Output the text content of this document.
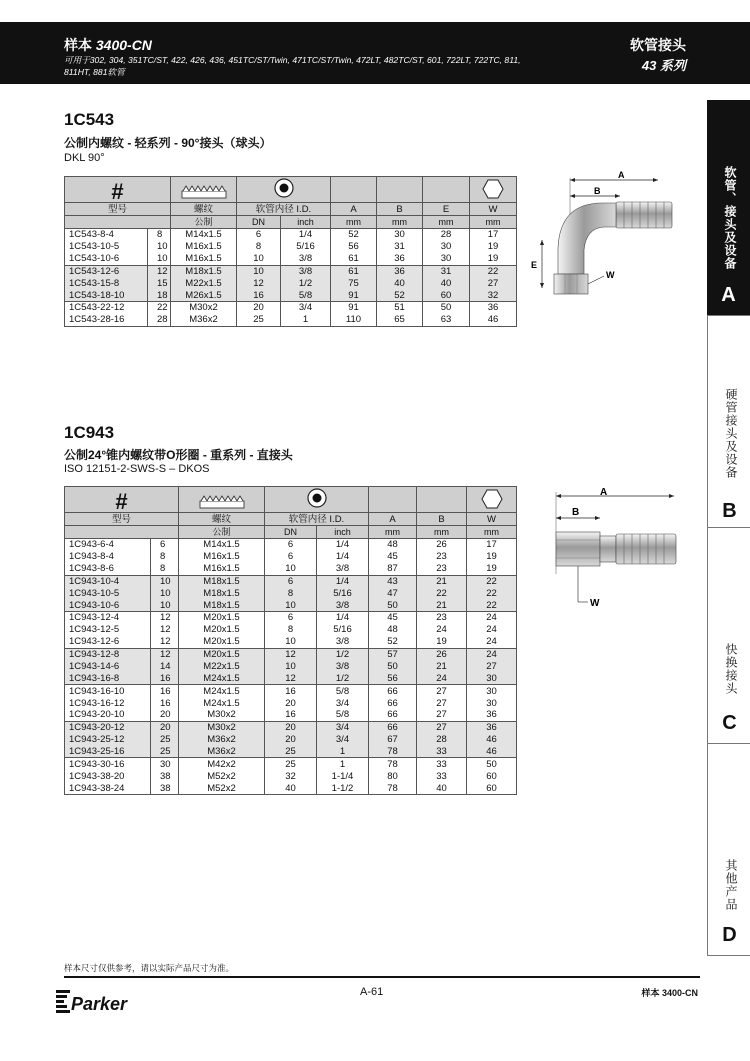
样本 3400-CN
可用于302, 304, 351TC/ST, 422, 426, 436, 451TC/ST/Twin, 471TC/ST/Twin, 472LT, 482TC/ST, 601, 722LT, 722TC, 811, 811HT, 881软管
软管接头
43 系列
1C543
公制内螺纹 - 轻系列 - 90°接头（球头）
DKL 90°
#						
型号		螺纹	软管内径 I.D.		A	B	E	W
		公制	DN	inch	mm	mm	mm	mm
1C543-8-4	8	M14x1.5	6	1/4	52	30	28	17
1C543-10-5	10	M16x1.5	8	5/16	56	31	30	19
1C543-10-6	10	M16x1.5	10	3/8	61	36	30	19
1C543-12-6	12	M18x1.5	10	3/8	61	36	31	22
1C543-15-8	15	M22x1.5	12	1/2	75	40	40	27
1C543-18-10	18	M26x1.5	16	5/8	91	52	60	32
1C543-22-12	22	M30x2	20	3/4	91	51	50	36
1C543-28-16	28	M36x2	25	1	110	65	63	46
A
B
E
W
1C943
公制24°锥内螺纹带O形圈 - 重系列 - 直接头
ISO 12151-2-SWS-S – DKOS
#					
型号		螺纹	软管内径 I.D.		A	B	W
		公制	DN	inch	mm	mm	mm
1C943-6-4	6	M14x1.5	6	1/4	48	26	17
1C943-8-4	8	M16x1.5	6	1/4	45	23	19
1C943-8-6	8	M16x1.5	10	3/8	87	23	19
1C943-10-4	10	M18x1.5	6	1/4	43	21	22
1C943-10-5	10	M18x1.5	8	5/16	47	22	22
1C943-10-6	10	M18x1.5	10	3/8	50	21	22
1C943-12-4	12	M20x1.5	6	1/4	45	23	24
1C943-12-5	12	M20x1.5	8	5/16	48	24	24
1C943-12-6	12	M20x1.5	10	3/8	52	19	24
1C943-12-8	12	M20x1.5	12	1/2	57	26	24
1C943-14-6	14	M22x1.5	10	3/8	50	21	27
1C943-16-8	16	M24x1.5	12	1/2	56	24	30
1C943-16-10	16	M24x1.5	16	5/8	66	27	30
1C943-16-12	16	M24x1.5	20	3/4	66	27	30
1C943-20-10	20	M30x2	16	5/8	66	27	36
1C943-20-12	20	M30x2	20	3/4	66	27	36
1C943-25-12	25	M36x2	20	3/4	67	28	46
1C943-25-16	25	M36x2	25	1	78	33	46
1C943-30-16	30	M42x2	25	1	78	33	50
1C943-38-20	38	M52x2	32	1-1/4	80	33	60
1C943-38-24	38	M52x2	40	1-1/2	78	40	60
A
B
W
软管、接头及设备
A
硬管接头及设备
B
快换接头
C
其他产品
D
样本尺寸仅供参考，请以实际产品尺寸为准。
Parker
A-61	样本 3400-CN
